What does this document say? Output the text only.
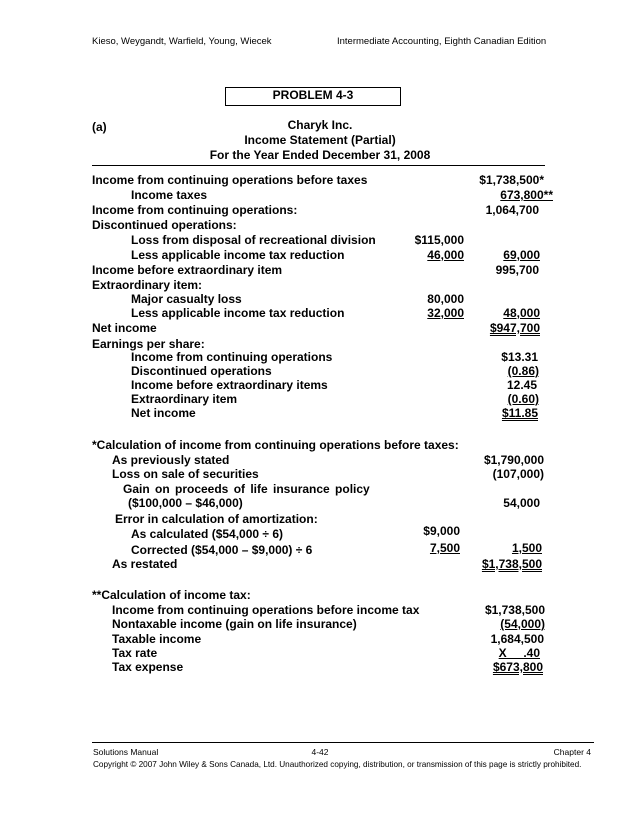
Kieso, Weygandt, Warfield, Young, Wiecek	Intermediate Accounting, Eighth Canadian Edition
PROBLEM 4-3
(a)	Charyk Inc.
Income Statement (Partial)
For the Year Ended December 31, 2008
Income from continuing operations before taxes	$1,738,500*
Income taxes	673,800**
Income from continuing operations:	1,064,700
Discontinued operations:
Loss from disposal of recreational division	$115,000
Less applicable income tax reduction	46,000	69,000
Income before extraordinary item	995,700
Extraordinary item:
Major casualty loss	80,000
Less applicable income tax reduction	32,000	48,000
Net income	$947,700
Earnings per share:
Income from continuing operations	$13.31
Discontinued operations	(0.86)
Income before extraordinary items	12.45
Extraordinary item	(0.60)
Net income	$11.85
*Calculation of income from continuing operations before taxes:
As previously stated	$1,790,000
Loss on sale of securities	(107,000)
Gain on proceeds of life insurance policy
($100,000 – $46,000)	54,000
Error in calculation of amortization:
As calculated ($54,000 ÷ 6)	$9,000
Corrected ($54,000 – $9,000) ÷ 6	7,500	1,500
As restated	$1,738,500
**Calculation of income tax:
Income from continuing operations before income tax	$1,738,500
Nontaxable income (gain on life insurance)	(54,000)
Taxable income	1,684,500
Tax rate	X     .40
Tax expense	$673,800
Solutions Manual	4-42	Chapter 4
Copyright © 2007 John Wiley & Sons Canada, Ltd. Unauthorized copying, distribution, or transmission of this page is strictly prohibited.
